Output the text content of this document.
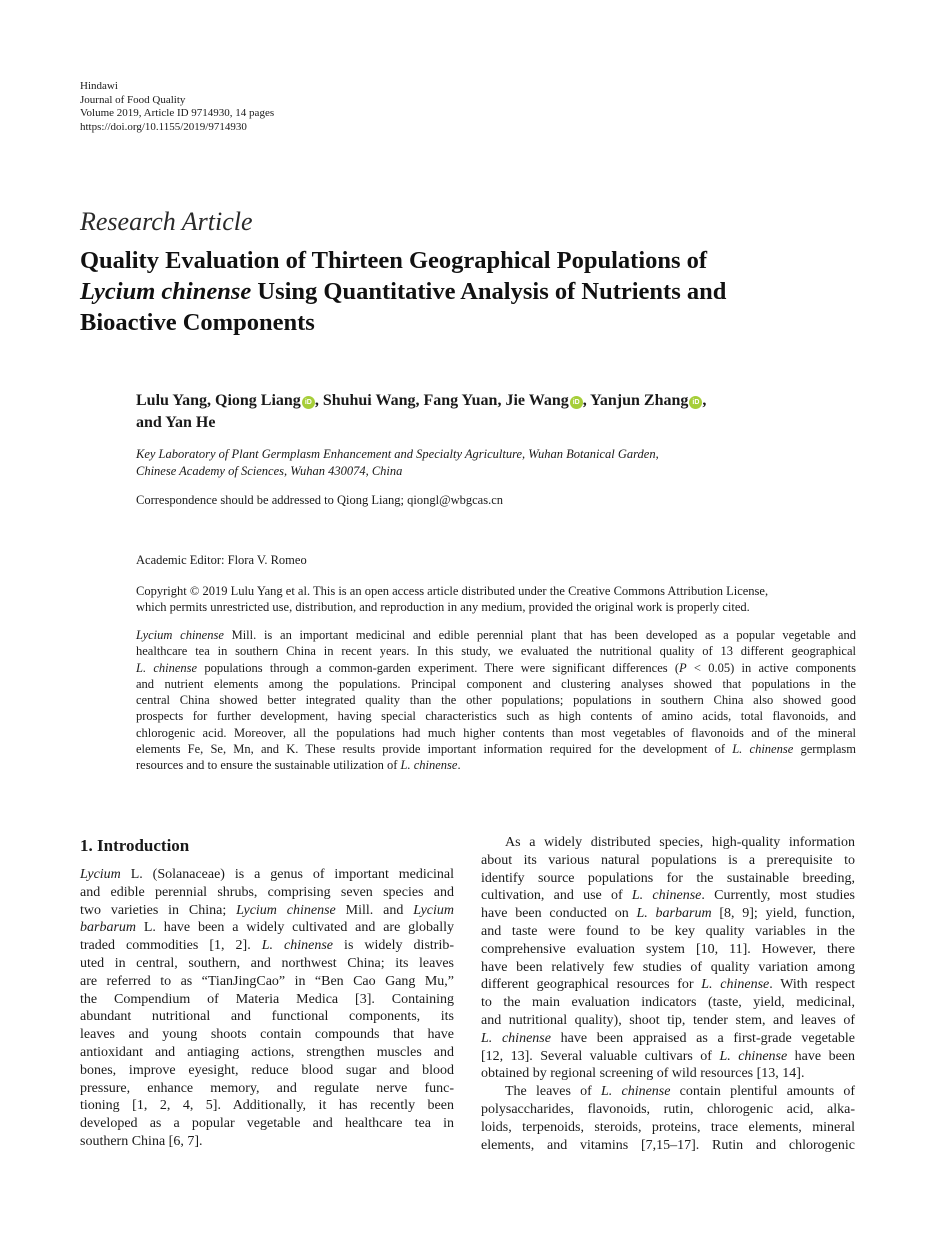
Hindawi
Journal of Food Quality
Volume 2019, Article ID 9714930, 14 pages
https://doi.org/10.1155/2019/9714930
Research Article
Quality Evaluation of Thirteen Geographical Populations of
Lycium chinense Using Quantitative Analysis of Nutrients and
Bioactive Components
Lulu Yang, Qiong Liang iD , Shuhui Wang, Fang Yuan, Jie Wang iD , Yanjun Zhang iD ,
and Yan He
Key Laboratory of Plant Germplasm Enhancement and Specialty Agriculture, Wuhan Botanical Garden,
Chinese Academy of Sciences, Wuhan 430074, China
Correspondence should be addressed to Qiong Liang; qiongl@wbgcas.cn
Academic Editor: Flora V. Romeo
Copyright © 2019 Lulu Yang et al. This is an open access article distributed under the Creative Commons Attribution License,
which permits unrestricted use, distribution, and reproduction in any medium, provided the original work is properly cited.
Lycium chinense Mill. is an important medicinal and edible perennial plant that has been developed as a popular vegetable and
healthcare tea in southern China in recent years. In this study, we evaluated the nutritional quality of 13 different geographical
L. chinense populations through a common-garden experiment. There were significant differences (P < 0.05) in active components
and nutrient elements among the populations. Principal component and clustering analyses showed that populations in the
central China showed better integrated quality than the other populations; populations in southern China also showed good
prospects for further development, having special characteristics such as high contents of amino acids, total flavonoids, and
chlorogenic acid. Moreover, all the populations had much higher contents than most vegetables of flavonoids and of the mineral
elements Fe, Se, Mn, and K. These results provide important information required for the development of L. chinense germplasm
resources and to ensure the sustainable utilization of L. chinense.
1. Introduction
Lycium L. (Solanaceae) is a genus of important medicinal
and edible perennial shrubs, comprising seven species and
two varieties in China; Lycium chinense Mill. and Lycium
barbarum L. have been a widely cultivated and are globally
traded commodities [1, 2]. L. chinense is widely distrib-
uted in central, southern, and northwest China; its leaves
are referred to as “TianJingCao” in “Ben Cao Gang Mu,”
the Compendium of Materia Medica [3]. Containing
abundant nutritional and functional components, its
leaves and young shoots contain compounds that have
antioxidant and antiaging actions, strengthen muscles and
bones, improve eyesight, reduce blood sugar and blood
pressure, enhance memory, and regulate nerve func-
tioning [1, 2, 4, 5]. Additionally, it has recently been
developed as a popular vegetable and healthcare tea in
southern China [6, 7].
As a widely distributed species, high-quality information
about its various natural populations is a prerequisite to
identify source populations for the sustainable breeding,
cultivation, and use of L. chinense. Currently, most studies
have been conducted on L. barbarum [8, 9]; yield, function,
and taste were found to be key quality variables in the
comprehensive evaluation system [10, 11]. However, there
have been relatively few studies of quality variation among
different geographical resources for L. chinense. With respect
to the main evaluation indicators (taste, yield, medicinal,
and nutritional quality), shoot tip, tender stem, and leaves of
L. chinense have been appraised as a first-grade vegetable
[12, 13]. Several valuable cultivars of L. chinense have been
obtained by regional screening of wild resources [13, 14].
The leaves of L. chinense contain plentiful amounts of
polysaccharides, flavonoids, rutin, chlorogenic acid, alka-
loids, terpenoids, steroids, proteins, trace elements, mineral
elements, and vitamins [7,15–17]. Rutin and chlorogenic
